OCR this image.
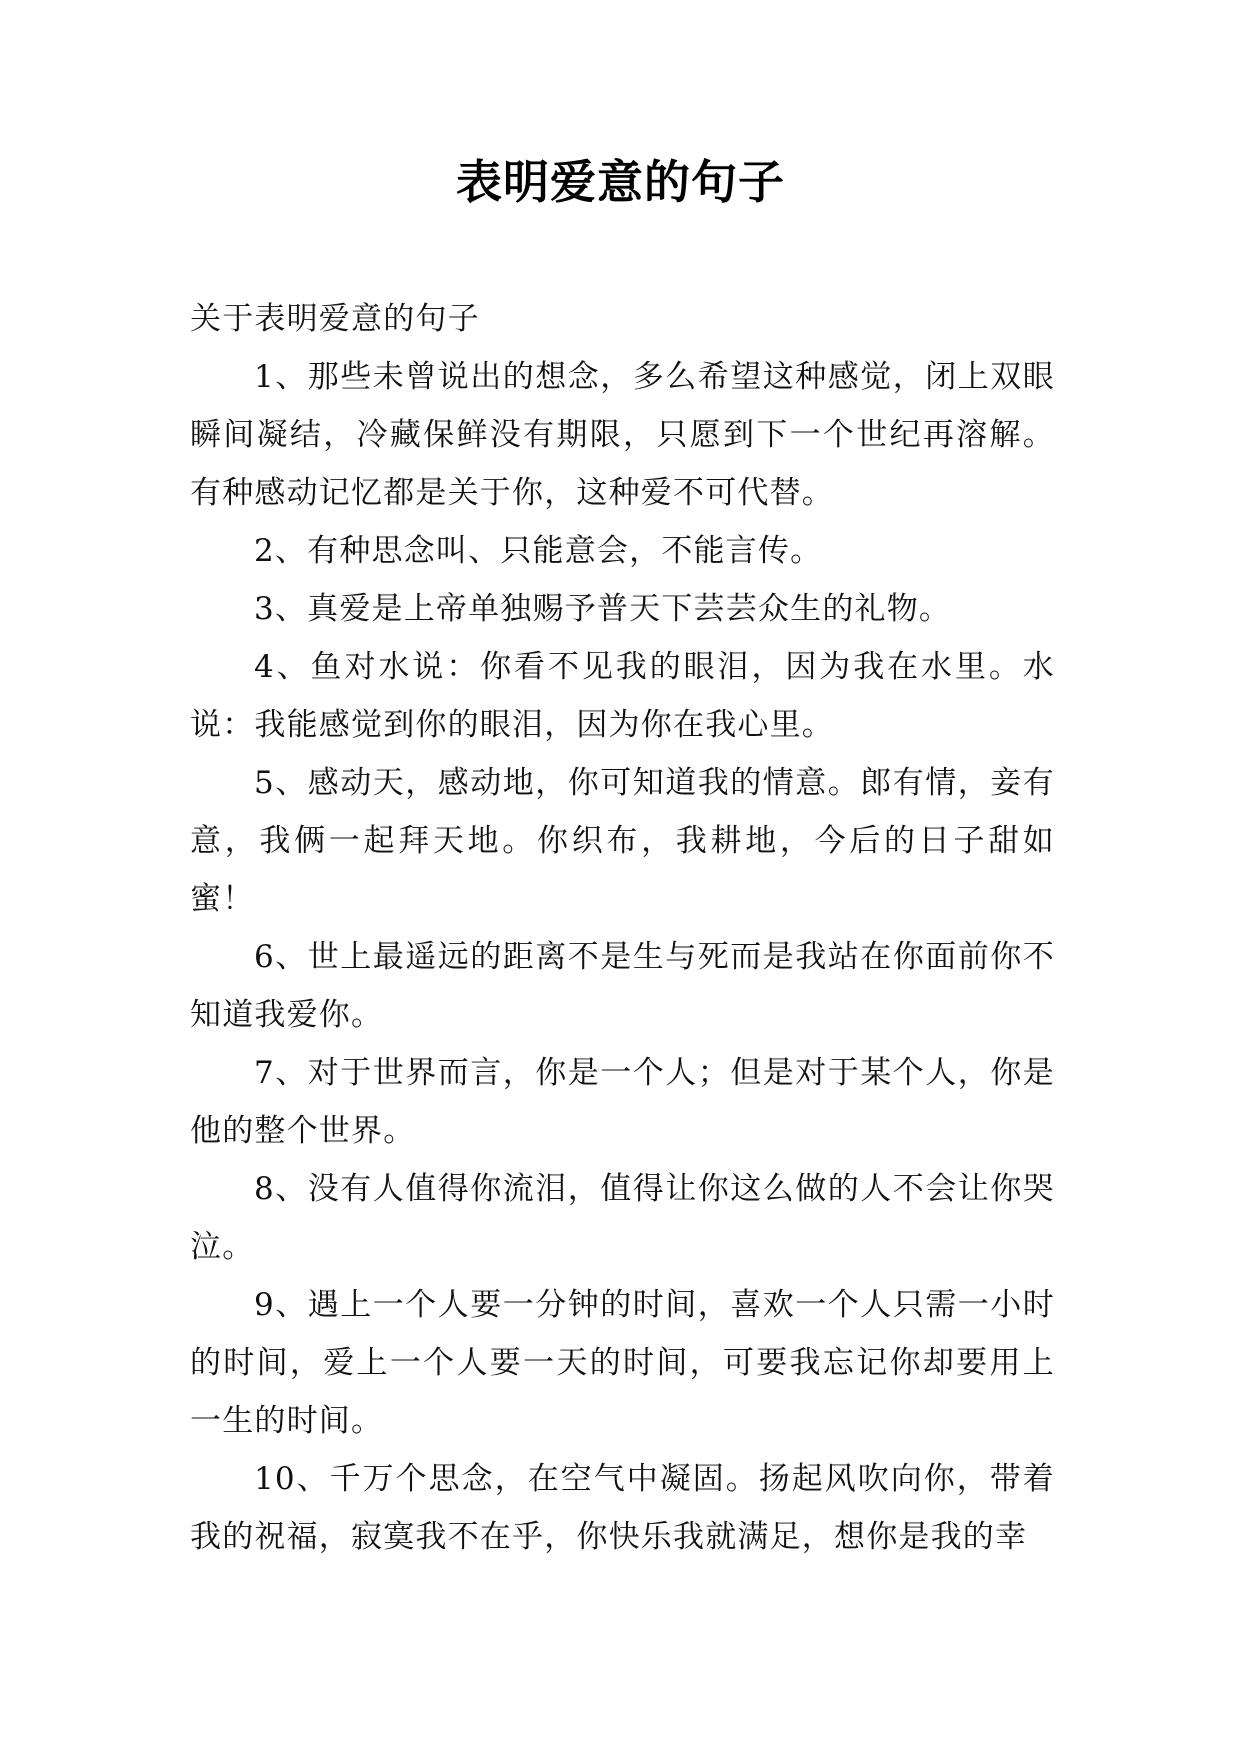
表明爱意的句子

关于表明爱意的句子

1、那些未曾说出的想念，多么希望这种感觉，闭上双眼瞬间凝结，冷藏保鲜没有期限，只愿到下一个世纪再溶解。有种感动记忆都是关于你，这种爱不可代替。

2、有种思念叫、只能意会，不能言传。

3、真爱是上帝单独赐予普天下芸芸众生的礼物。

4、鱼对水说：你看不见我的眼泪，因为我在水里。水说：我能感觉到你的眼泪，因为你在我心里。

5、感动天，感动地，你可知道我的情意。郎有情，妾有意，我俩一起拜天地。你织布，我耕地，今后的日子甜如蜜！

6、世上最遥远的距离不是生与死而是我站在你面前你不知道我爱你。

7、对于世界而言，你是一个人；但是对于某个人，你是他的整个世界。

8、没有人值得你流泪，值得让你这么做的人不会让你哭泣。

9、遇上一个人要一分钟的时间，喜欢一个人只需一小时的时间，爱上一个人要一天的时间，可要我忘记你却要用上一生的时间。

10、千万个思念，在空气中凝固。扬起风吹向你，带着我的祝福，寂寞我不在乎，你快乐我就满足，想你是我的幸
